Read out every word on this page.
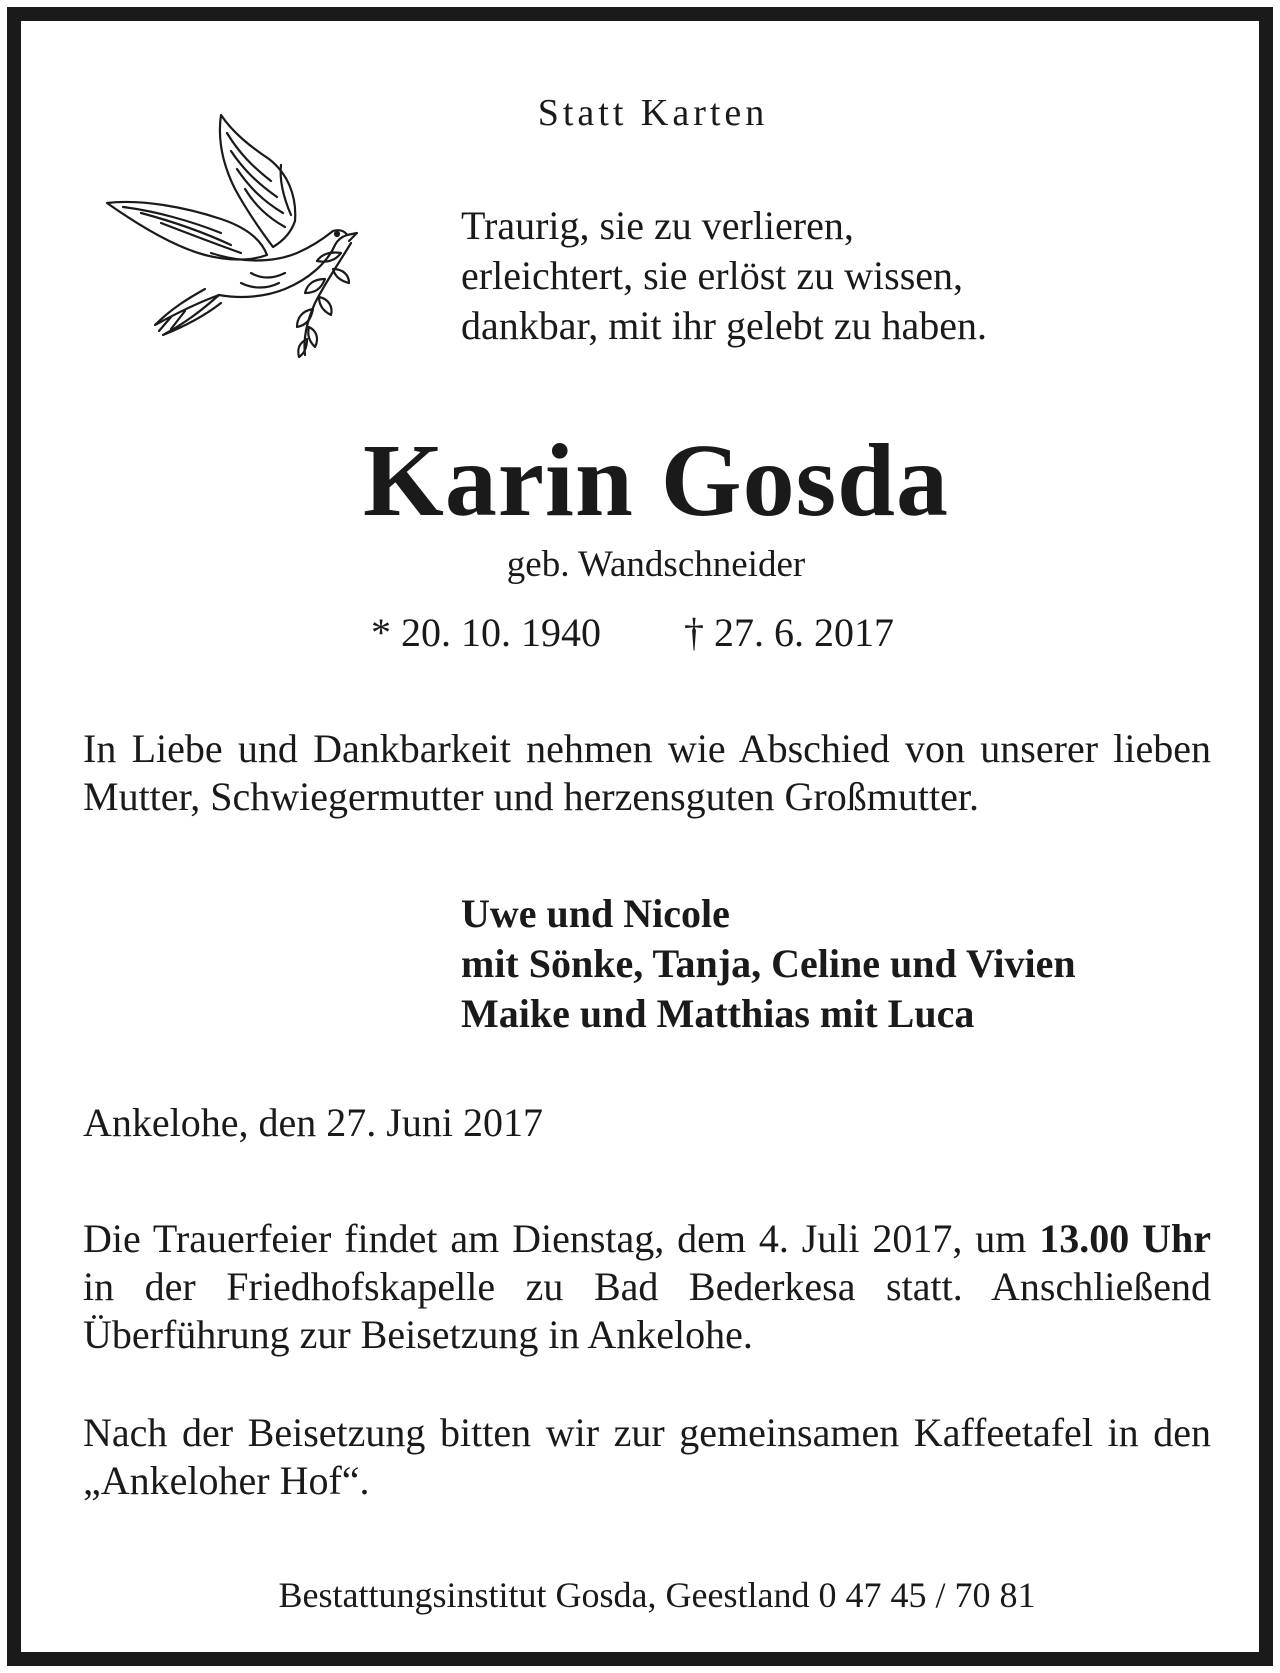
Statt Karten
Traurig, sie zu verlieren,
erleichtert, sie erlöst zu wissen,
dankbar, mit ihr gelebt zu haben.
Karin Gosda
geb. Wandschneider
* 20. 10. 1940 † 27. 6. 2017
In Liebe und Dankbarkeit nehmen wie Abschied von unserer lieben Mutter, Schwiegermutter und herzensguten Großmutter.
Uwe und Nicole
mit Sönke, Tanja, Celine und Vivien
Maike und Matthias mit Luca
Ankelohe, den 27. Juni 2017
Die Trauerfeier findet am Dienstag, dem 4. Juli 2017, um 13.00 Uhr in der Friedhofskapelle zu Bad Bederkesa statt. Anschließend Überführung zur Beisetzung in Ankelohe.
Nach der Beisetzung bitten wir zur gemeinsamen Kaffeetafel in den „Ankeloher Hof“.
Bestattungsinstitut Gosda, Geestland 0 47 45 / 70 81
